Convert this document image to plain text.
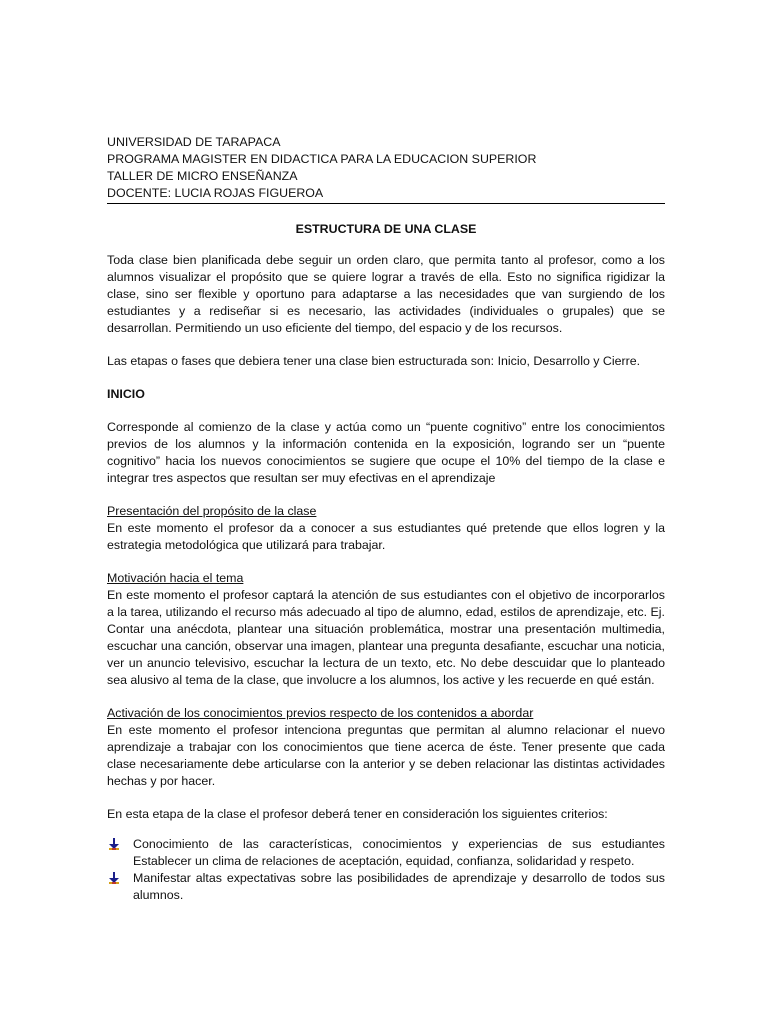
UNIVERSIDAD DE TARAPACA
PROGRAMA MAGISTER EN DIDACTICA PARA LA EDUCACION SUPERIOR
TALLER DE MICRO ENSEÑANZA
DOCENTE: LUCIA ROJAS FIGUEROA
ESTRUCTURA DE UNA CLASE

Toda clase bien planificada debe seguir un orden claro, que permita tanto al profesor, como a los alumnos visualizar el propósito que se quiere lograr a través de ella. Esto no significa rigidizar la clase, sino ser flexible y oportuno para adaptarse a las necesidades que van surgiendo de los estudiantes y a rediseñar si es necesario, las actividades (individuales o grupales) que se desarrollan. Permitiendo un uso eficiente del tiempo, del espacio y de los recursos.

Las etapas o fases que debiera tener una clase bien estructurada son: Inicio, Desarrollo y Cierre.

INICIO

Corresponde al comienzo de la clase y actúa como un “puente cognitivo” entre los conocimientos previos de los alumnos y la información contenida en la exposición, logrando ser un “puente cognitivo” hacia los nuevos conocimientos se sugiere que ocupe el 10% del tiempo de la clase e integrar tres aspectos que resultan ser muy efectivas en el aprendizaje

Presentación del propósito de la clase

En este momento el profesor da a conocer a sus estudiantes qué pretende que ellos logren y la estrategia metodológica que utilizará para trabajar.

Motivación hacia el tema

En este momento el profesor captará la atención de sus estudiantes con el objetivo de incorporarlos a la tarea, utilizando el recurso más adecuado al tipo de alumno, edad, estilos de aprendizaje, etc. Ej. Contar una anécdota, plantear una situación problemática, mostrar una presentación multimedia, escuchar una canción, observar una imagen, plantear una pregunta desafiante, escuchar una noticia, ver un anuncio televisivo, escuchar la lectura de un texto, etc. No debe descuidar que lo planteado sea alusivo al tema de la clase, que involucre a los alumnos, los active y les recuerde en qué están.

Activación de los conocimientos previos respecto de los contenidos a abordar

En este momento el profesor intenciona preguntas que permitan al alumno relacionar el nuevo aprendizaje a trabajar con los conocimientos que tiene acerca de éste. Tener presente que cada clase necesariamente debe articularse con la anterior y se deben relacionar las distintas actividades hechas y por hacer.

En esta etapa de la clase el profesor deberá tener en consideración los siguientes criterios:

Conocimiento de las características, conocimientos y experiencias de sus estudiantes Establecer un clima de relaciones de aceptación, equidad, confianza, solidaridad y respeto.
Manifestar altas expectativas sobre las posibilidades de aprendizaje y desarrollo de todos sus alumnos.
